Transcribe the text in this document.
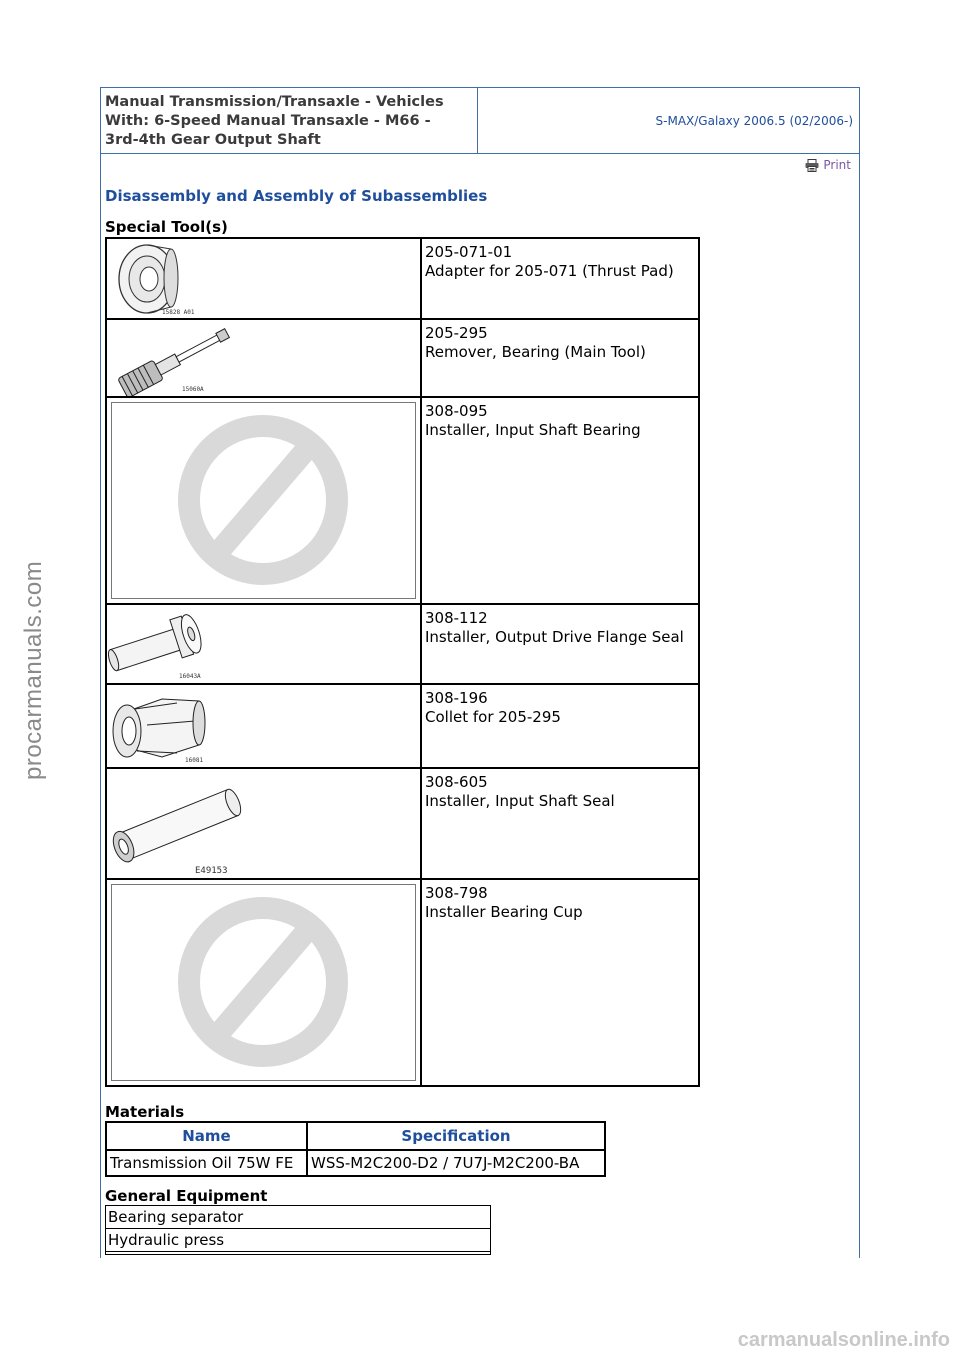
procarmanuals.com
carmanualsonline.info
Manual Transmission/Transaxle - Vehicles
With: 6-Speed Manual Transaxle - M66 -
3rd-4th Gear Output Shaft
S-MAX/Galaxy 2006.5 (02/2006-)
Print
Disassembly and Assembly of Subassemblies
Special Tool(s)
15828 A01	205-071-01
Adapter for 205-071 (Thrust Pad)

15060A	205-295
Remover, Bearing (Main Tool)

308-095
Installer, Input Shaft Bearing

16043A	308-112
Installer, Output Drive Flange Seal

16081	308-196
Collet for 205-295

E49153	308-605
Installer, Input Shaft Seal

308-798
Installer Bearing Cup
Materials
Name	Specification
Transmission Oil 75W FE	WSS-M2C200-D2 / 7U7J-M2C200-BA
General Equipment
Bearing separator
Hydraulic press
